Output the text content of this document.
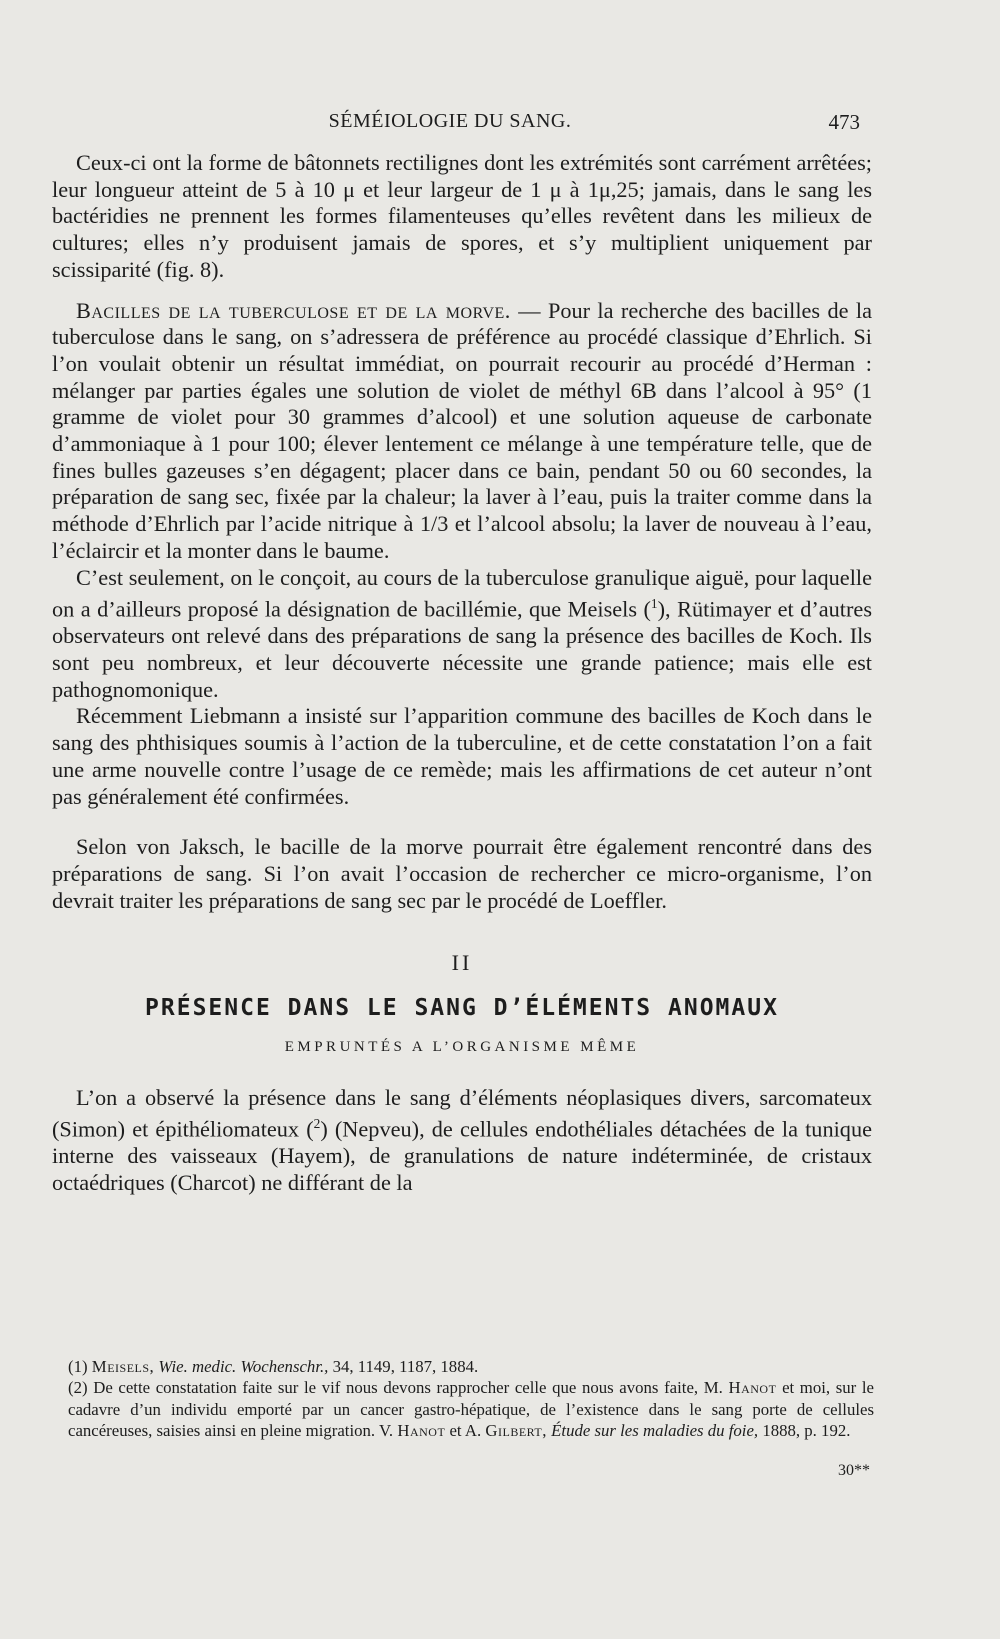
SÉMÉIOLOGIE DU SANG.	473

Ceux-ci ont la forme de bâtonnets rectilignes dont les extrémités sont carrément arrêtées; leur longueur atteint de 5 à 10 μ et leur largeur de 1 μ à 1μ,25; jamais, dans le sang les bactéridies ne prennent les formes filamenteuses qu’elles revêtent dans les milieux de cultures; elles n’y produisent jamais de spores, et s’y multiplient uniquement par scissiparité (fig. 8).

Bacilles de la tuberculose et de la morve. — Pour la recherche des bacilles de la tuberculose dans le sang, on s’adressera de préférence au procédé classique d’Ehrlich. Si l’on voulait obtenir un résultat immédiat, on pourrait recourir au procédé d’Herman : mélanger par parties égales une solution de violet de méthyl 6B dans l’alcool à 95° (1 gramme de violet pour 30 grammes d’alcool) et une solution aqueuse de carbonate d’ammoniaque à 1 pour 100; élever lentement ce mélange à une température telle, que de fines bulles gazeuses s’en dégagent; placer dans ce bain, pendant 50 ou 60 secondes, la préparation de sang sec, fixée par la chaleur; la laver à l’eau, puis la traiter comme dans la méthode d’Ehrlich par l’acide nitrique à 1/3 et l’alcool absolu; la laver de nouveau à l’eau, l’éclaircir et la monter dans le baume.

C’est seulement, on le conçoit, au cours de la tuberculose granulique aiguë, pour laquelle on a d’ailleurs proposé la désignation de bacillémie, que Meisels ($^1$), Rütimayer et d’autres observateurs ont relevé dans des préparations de sang la présence des bacilles de Koch. Ils sont peu nombreux, et leur découverte nécessite une grande patience; mais elle est pathognomonique.

Récemment Liebmann a insisté sur l’apparition commune des bacilles de Koch dans le sang des phthisiques soumis à l’action de la tuberculine, et de cette constatation l’on a fait une arme nouvelle contre l’usage de ce remède; mais les affirmations de cet auteur n’ont pas généralement été confirmées.

Selon von Jaksch, le bacille de la morve pourrait être également rencontré dans des préparations de sang. Si l’on avait l’occasion de rechercher ce micro-organisme, l’on devrait traiter les préparations de sang sec par le procédé de Loeffler.

II
PRÉSENCE DANS LE SANG D’ÉLÉMENTS ANOMAUX
EMPRUNTÉS A L’ORGANISME MÊME

L’on a observé la présence dans le sang d’éléments néoplasiques divers, sarcomateux (Simon) et épithéliomateux ($^2$) (Nepveu), de cellules endothéliales détachées de la tunique interne des vaisseaux (Hayem), de granulations de nature indéterminée, de cristaux octaédriques (Charcot) ne différant de la

(1) Meisels, Wie. medic. Wochenschr., 34, 1149, 1187, 1884.

(2) De cette constatation faite sur le vif nous devons rapprocher celle que nous avons faite, M. Hanot et moi, sur le cadavre d’un individu emporté par un cancer gastro-hépatique, de l’existence dans le sang porte de cellules cancéreuses, saisies ainsi en pleine migration. V. Hanot et A. Gilbert, Étude sur les maladies du foie, 1888, p. 192.

30**
